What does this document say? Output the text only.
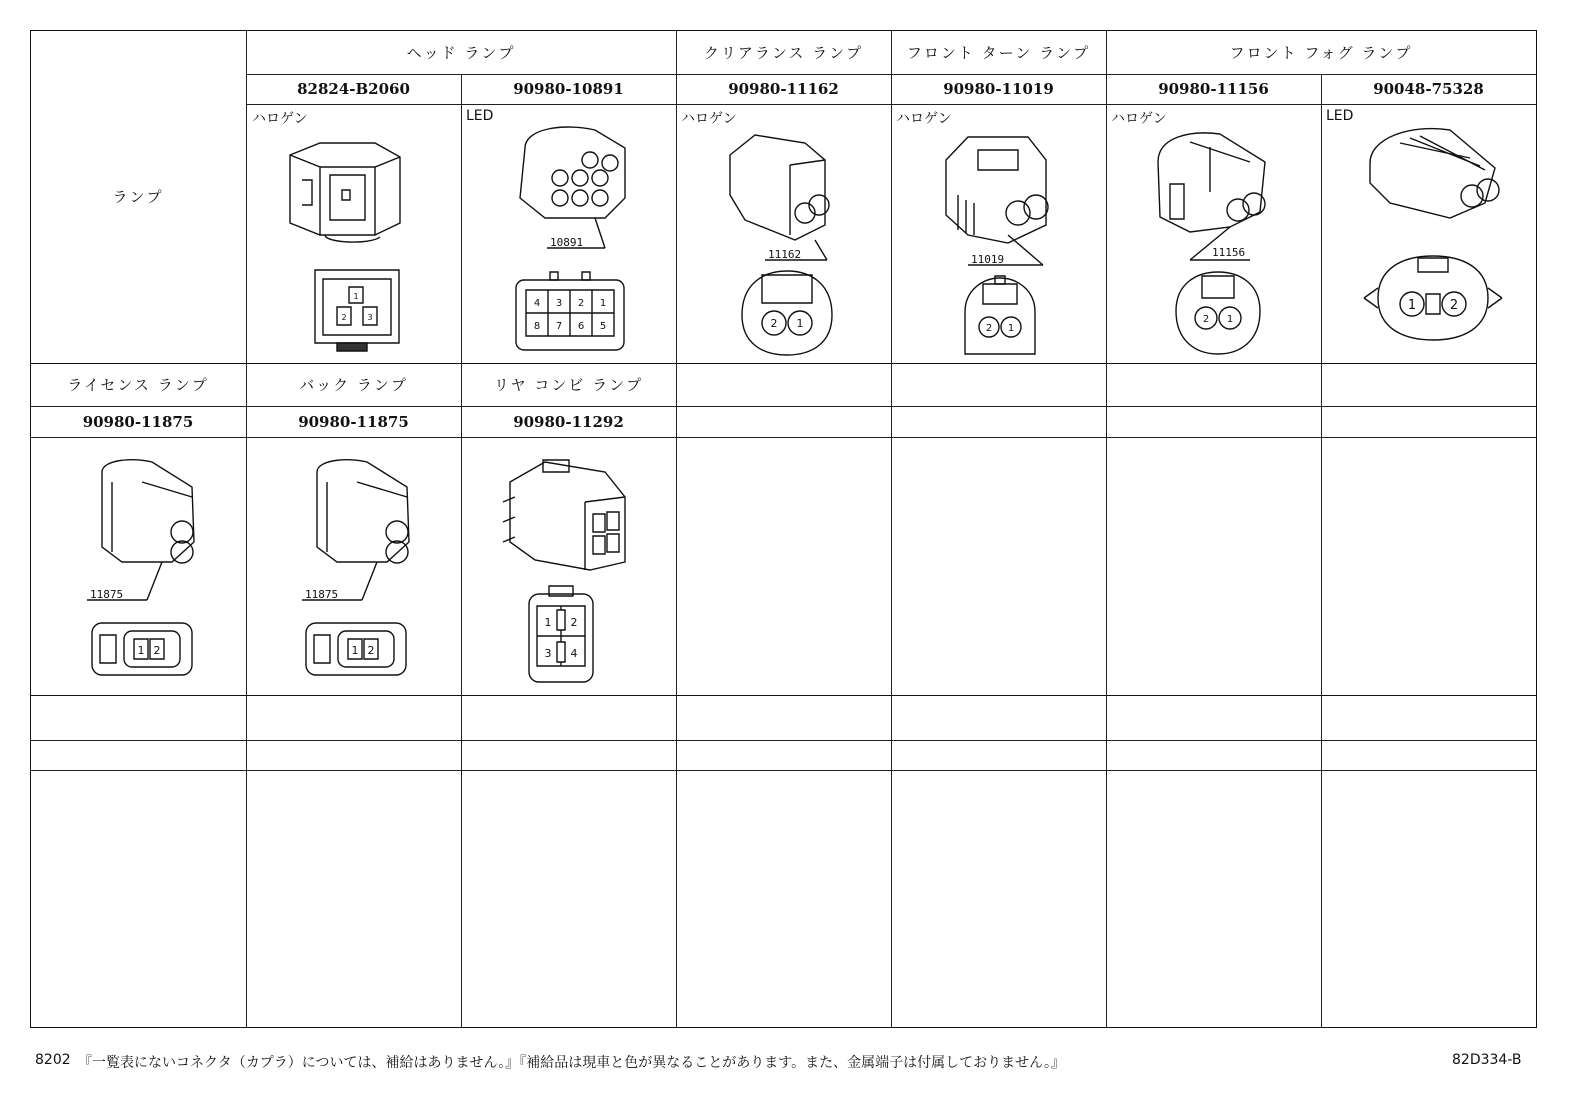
ヘッド ランプ	クリアランス ランプ	フロント ターン ランプ	フロント フォグ ランプ
ランプ
82824-B2060	90980-10891	90980-11162	90980-11019	90980-11156	90048-75328
ハロゲン	LED	ハロゲン	ハロゲン	ハロゲン	LED
1
2	3
10891
4 3 2 1
8 7 6 5
11162
2 1
11019
2 1
11156
2 1
1	2
ライセンス ランプ	バック ランプ	リヤ コンビ ランプ
90980-11875	90980-11875	90980-11292
11875
1 2
11875
1 2
1 2
3 4
8202 『一覧表にないコネクタ（カプラ）については、補給はありません。』『補給品は現車と色が異なることがあります。また、金属端子は付属しておりません。』	82D334-B
